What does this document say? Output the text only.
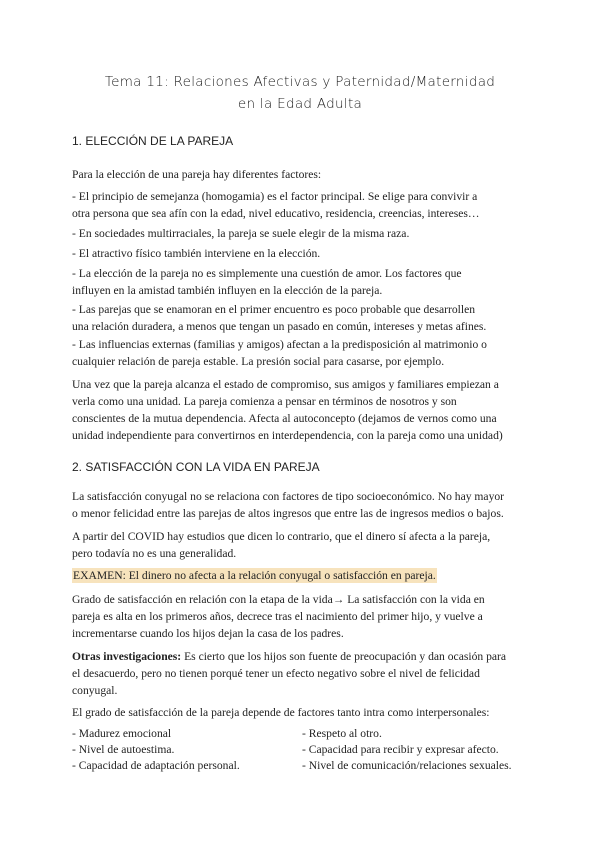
Tema 11: Relaciones Afectivas y Paternidad/Maternidad
en la Edad Adulta
1. ELECCIÓN DE LA PAREJA
Para la elección de una pareja hay diferentes factores:
- El principio de semejanza (homogamia) es el factor principal. Se elige para convivir a
otra persona que sea afín con la edad, nivel educativo, residencia, creencias, intereses…
- En sociedades multirraciales, la pareja se suele elegir de la misma raza.
- El atractivo físico también interviene en la elección.
- La elección de la pareja no es simplemente una cuestión de amor. Los factores que
influyen en la amistad también influyen en la elección de la pareja.
- Las parejas que se enamoran en el primer encuentro es poco probable que desarrollen
una relación duradera, a menos que tengan un pasado en común, intereses y metas afines.
- Las influencias externas (familias y amigos) afectan a la predisposición al matrimonio o
cualquier relación de pareja estable. La presión social para casarse, por ejemplo.
Una vez que la pareja alcanza el estado de compromiso, sus amigos y familiares empiezan a
verla como una unidad. La pareja comienza a pensar en términos de nosotros y son
conscientes de la mutua dependencia. Afecta al autoconcepto (dejamos de vernos como una
unidad independiente para convertirnos en interdependencia, con la pareja como una unidad)
2. SATISFACCIÓN CON LA VIDA EN PAREJA
La satisfacción conyugal no se relaciona con factores de tipo socioeconómico. No hay mayor
o menor felicidad entre las parejas de altos ingresos que entre las de ingresos medios o bajos.
A partir del COVID hay estudios que dicen lo contrario, que el dinero sí afecta a la pareja,
pero todavía no es una generalidad.
EXAMEN: El dinero no afecta a la relación conyugal o satisfacción en pareja.
Grado de satisfacción en relación con la etapa de la vida→ La satisfacción con la vida en
pareja es alta en los primeros años, decrece tras el nacimiento del primer hijo, y vuelve a
incrementarse cuando los hijos dejan la casa de los padres.
Otras investigaciones: Es cierto que los hijos son fuente de preocupación y dan ocasión para
el desacuerdo, pero no tienen porqué tener un efecto negativo sobre el nivel de felicidad
conyugal.
El grado de satisfacción de la pareja depende de factores tanto intra como interpersonales:
- Madurez emocional
- Nivel de autoestima.
- Capacidad de adaptación personal.
- Respeto al otro.
- Capacidad para recibir y expresar afecto.
- Nivel de comunicación/relaciones sexuales.
